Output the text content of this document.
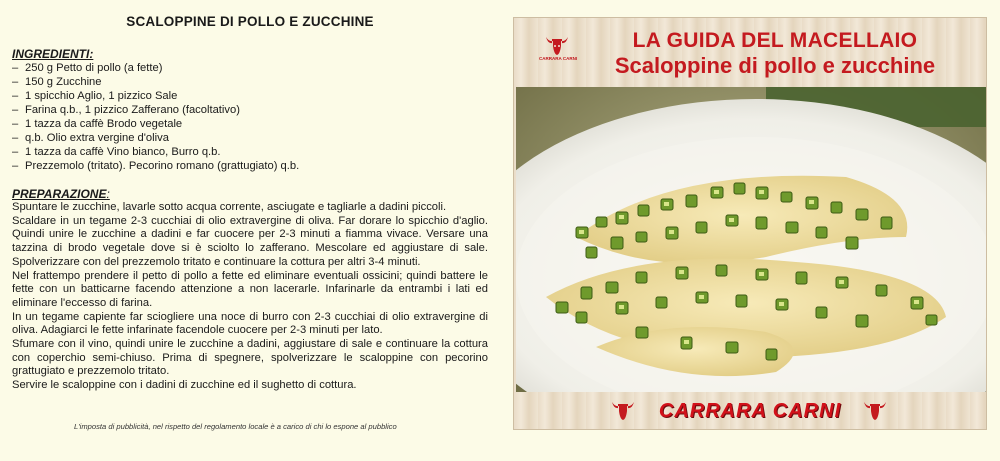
SCALOPPINE DI POLLO E ZUCCHINE
INGREDIENTI:
– 250 g Petto di pollo (a fette)
– 150 g Zucchine
– 1 spicchio Aglio, 1 pizzico Sale
– Farina q.b., 1 pizzico Zafferano (facoltativo)
– 1 tazza da caffè Brodo vegetale
– q.b. Olio extra vergine d'oliva
– 1 tazza da caffè Vino bianco, Burro q.b.
– Prezzemolo (tritato). Pecorino romano (grattugiato) q.b.
PREPARAZIONE:

Spuntare le zucchine, lavarle sotto acqua corrente, asciugate e tagliarle a dadini piccoli.

Scaldare in un tegame 2-3 cucchiai di olio extravergine di oliva. Far dorare lo spicchio d'aglio. Quindi unire le zucchine a dadini e far cuocere per 2-3 minuti a fiamma vivace. Versare una tazzina di brodo vegetale dove si è sciolto lo zafferano. Mescolare ed aggiustare di sale. Spolverizzare con del prezzemolo tritato e continuare la cottura per altri 3-4 minuti.

Nel frattempo prendere il petto di pollo a fette ed eliminare eventuali ossicini; quindi battere le fette con un batticarne facendo attenzione a non lacerarle. Infarinarle da entrambi i lati ed eliminare l'eccesso di farina.

In un tegame capiente far sciogliere una noce di burro con 2-3 cucchiai di olio extravergine di oliva. Adagiarci le fette infarinate facendole cuocere per 2-3 minuti per lato.

Sfumare con il vino, quindi unire le zucchine a dadini, aggiustare di sale e continuare la cottura con coperchio semi-chiuso. Prima di spegnere, spolverizzare le scaloppine con pecorino grattugiato e prezzemolo tritato.

Servire le scaloppine con i dadini di zucchine ed il sughetto di cottura.

L'imposta di pubblicità, nel rispetto del regolamento locale è a carico di chi lo espone al pubblico
CARRARA CARNI
LA GUIDA DEL MACELLAIO
Scaloppine di pollo e zucchine
CARRARA CARNI
